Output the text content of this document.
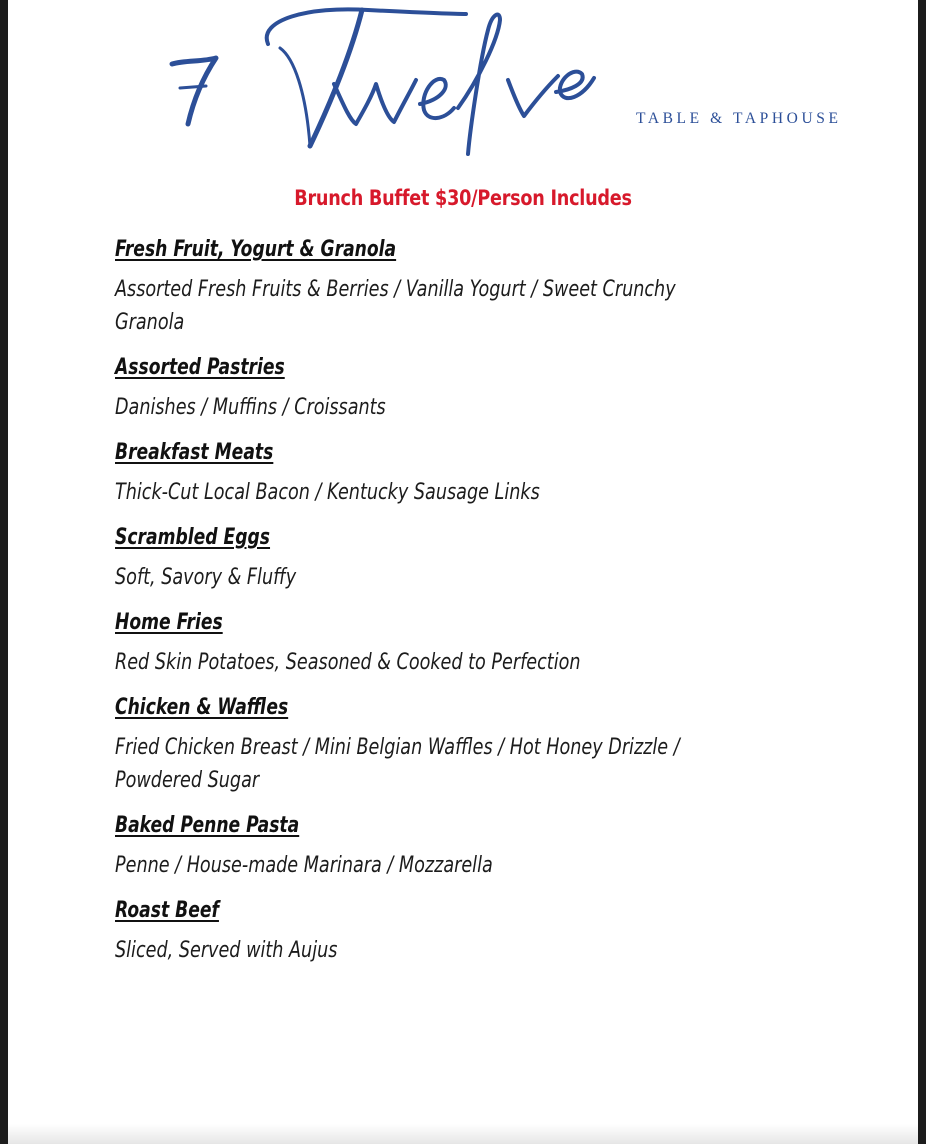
TABLE & TAPHOUSE
Brunch Buffet $30/Person Includes
Fresh Fruit, Yogurt & Granola
Assorted Fresh Fruits & Berries / Vanilla Yogurt / Sweet Crunchy Granola
Assorted Pastries
Danishes / Muffins / Croissants
Breakfast Meats
Thick-Cut Local Bacon / Kentucky Sausage Links
Scrambled Eggs
Soft, Savory & Fluffy
Home Fries
Red Skin Potatoes, Seasoned & Cooked to Perfection
Chicken & Waffles
Fried Chicken Breast / Mini Belgian Waffles / Hot Honey Drizzle / Powdered Sugar
Baked Penne Pasta
Penne / House-made Marinara / Mozzarella
Roast Beef
Sliced, Served with Aujus
